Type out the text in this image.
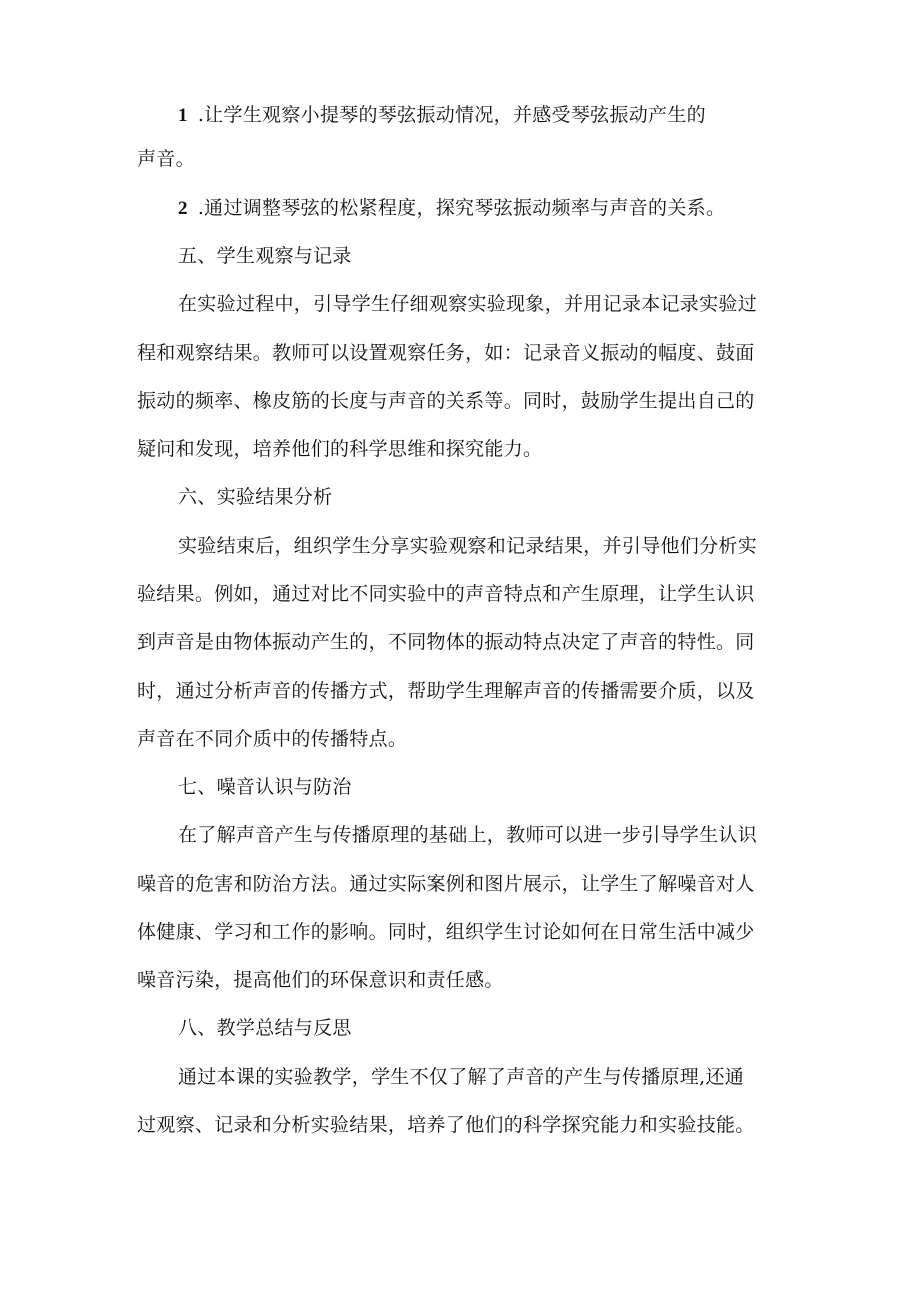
1 .让学生观察小提琴的琴弦振动情况，并感受琴弦振动产生的
声音。
2 .通过调整琴弦的松紧程度，探究琴弦振动频率与声音的关系。
五、学生观察与记录
在实验过程中，引导学生仔细观察实验现象，并用记录本记录实验过
程和观察结果。教师可以设置观察任务，如：记录音义振动的幅度、鼓面
振动的频率、橡皮筋的长度与声音的关系等。同时，鼓励学生提出自己的
疑问和发现，培养他们的科学思维和探究能力。
六、实验结果分析
实验结束后，组织学生分享实验观察和记录结果，并引导他们分析实
验结果。例如，通过对比不同实验中的声音特点和产生原理，让学生认识
到声音是由物体振动产生的，不同物体的振动特点决定了声音的特性。同
时，通过分析声音的传播方式，帮助学生理解声音的传播需要介质，以及
声音在不同介质中的传播特点。
七、噪音认识与防治
在了解声音产生与传播原理的基础上，教师可以进一步引导学生认识
噪音的危害和防治方法。通过实际案例和图片展示，让学生了解噪音对人
体健康、学习和工作的影响。同时，组织学生讨论如何在日常生活中减少
噪音污染，提高他们的环保意识和责任感。
八、教学总结与反思
通过本课的实验教学，学生不仅了解了声音的产生与传播原理,还通
过观察、记录和分析实验结果，培养了他们的科学探究能力和实验技能。
